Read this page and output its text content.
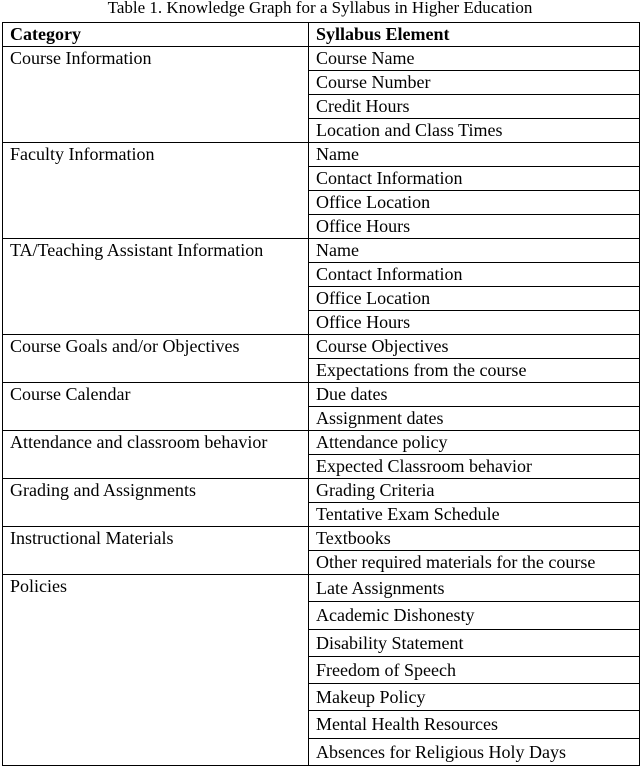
Table 1. Knowledge Graph for a Syllabus in Higher Education
Category	Syllabus Element
Course Information	Course Name
	Course Number
	Credit Hours
	Location and Class Times
Faculty Information	Name
	Contact Information
	Office Location
	Office Hours
TA/Teaching Assistant Information	Name
	Contact Information
	Office Location
	Office Hours
Course Goals and/or Objectives	Course Objectives
	Expectations from the course
Course Calendar	Due dates
	Assignment dates
Attendance and classroom behavior	Attendance policy
	Expected Classroom behavior
Grading and Assignments	Grading Criteria
	Tentative Exam Schedule
Instructional Materials	Textbooks
	Other required materials for the course
Policies	Late Assignments
	Academic Dishonesty
	Disability Statement
	Freedom of Speech
	Makeup Policy
	Mental Health Resources
	Absences for Religious Holy Days
